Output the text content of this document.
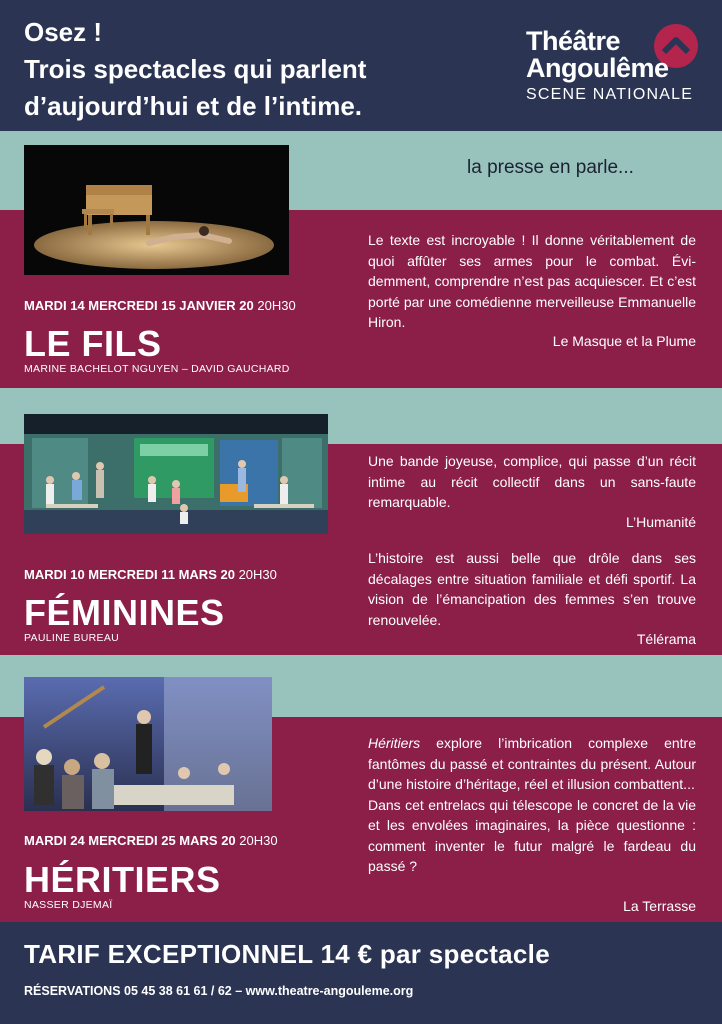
Osez !
Trois spectacles qui parlent
d’aujourd’hui et de l’intime.
Théâtre
Angoulême
SCENE NATIONALE
la presse en parle...
MARDI 14 MERCREDI 15 JANVIER 20 20H30
LE FILS
MARINE BACHELOT NGUYEN – DAVID GAUCHARD
Le texte est incroyable ! Il donne véritablement de quoi affûter ses armes pour le combat. Évi-demment, comprendre n’est pas acquiescer. Et c’est porté par une comédienne merveilleuse Emmanuelle Hiron.
Le Masque et la Plume
MARDI 10 MERCREDI 11 MARS 20 20H30
FÉMININES
PAULINE BUREAU
Une bande joyeuse, complice, qui passe d’un récit intime au récit collectif dans un sans-faute remarquable.
L’Humanité
L’histoire est aussi belle que drôle dans ses décalages entre situation familiale et défi sportif. La vision de l’émancipation des femmes s’en trouve renouvelée.
Télérama
MARDI 24 MERCREDI 25 MARS 20 20H30
HÉRITIERS
NASSER DJEMAÏ
Héritiers explore l’imbrication complexe entre fantômes du passé et contraintes du présent. Autour d’une histoire d’héritage, réel et illusion combattent...
Dans cet entrelacs qui télescope le concret de la vie et les envolées imaginaires, la pièce questionne : comment inventer le futur malgré le fardeau du passé ?
La Terrasse
TARIF EXCEPTIONNEL 14 € par spectacle
RÉSERVATIONS 05 45 38 61 61 / 62 – www.theatre-angouleme.org
